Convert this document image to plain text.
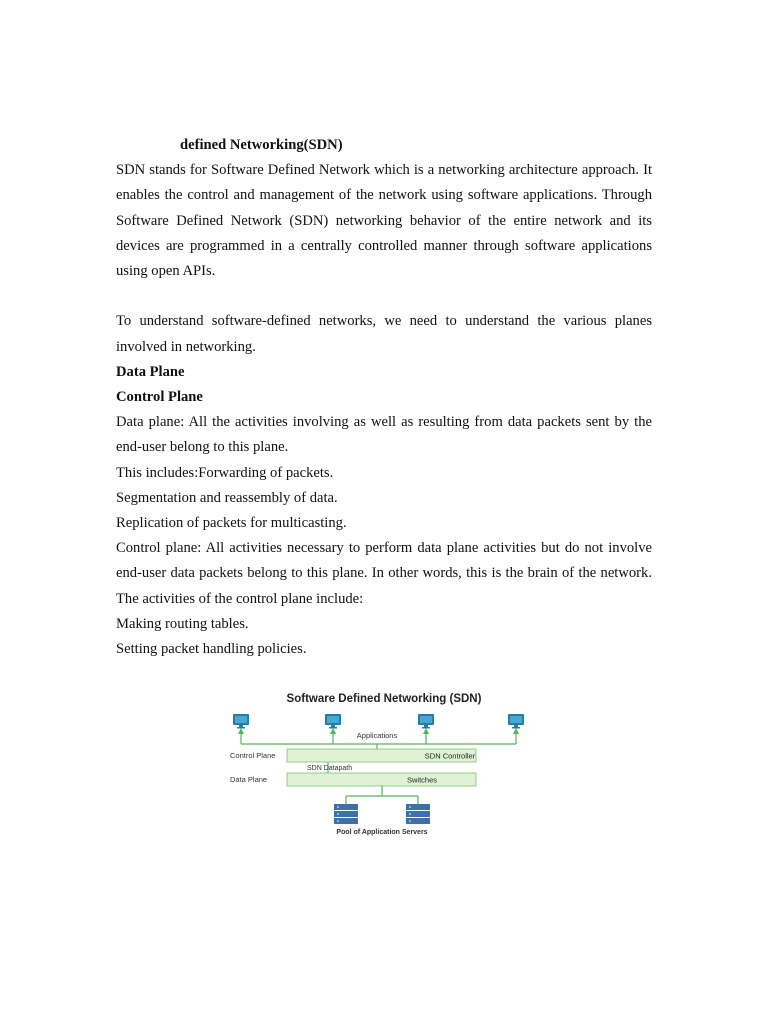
defined Networking(SDN)

SDN stands for Software Defined Network which is a networking architecture approach. It enables the control and management of the network using software applications. Through Software Defined Network (SDN) networking behavior of the entire network and its devices are programmed in a centrally controlled manner through software applications using open APIs.

To understand software-defined networks, we need to understand the various planes involved in networking.

Data Plane
Control Plane

Data plane: All the activities involving as well as resulting from data packets sent by the end-user belong to this plane.

This includes:Forwarding of packets.
Segmentation and reassembly of data.
Replication of packets for multicasting.

Control plane: All activities necessary to perform data plane activities but do not involve end-user data packets belong to this plane. In other words, this is the brain of the network. The activities of the control plane include:

Making routing tables.
Setting packet handling policies.
Software Defined Networking (SDN)
Applications
Control Plane	SDN Controller
SDN Datapath
Data Plane	Switches
Pool of Application Servers
